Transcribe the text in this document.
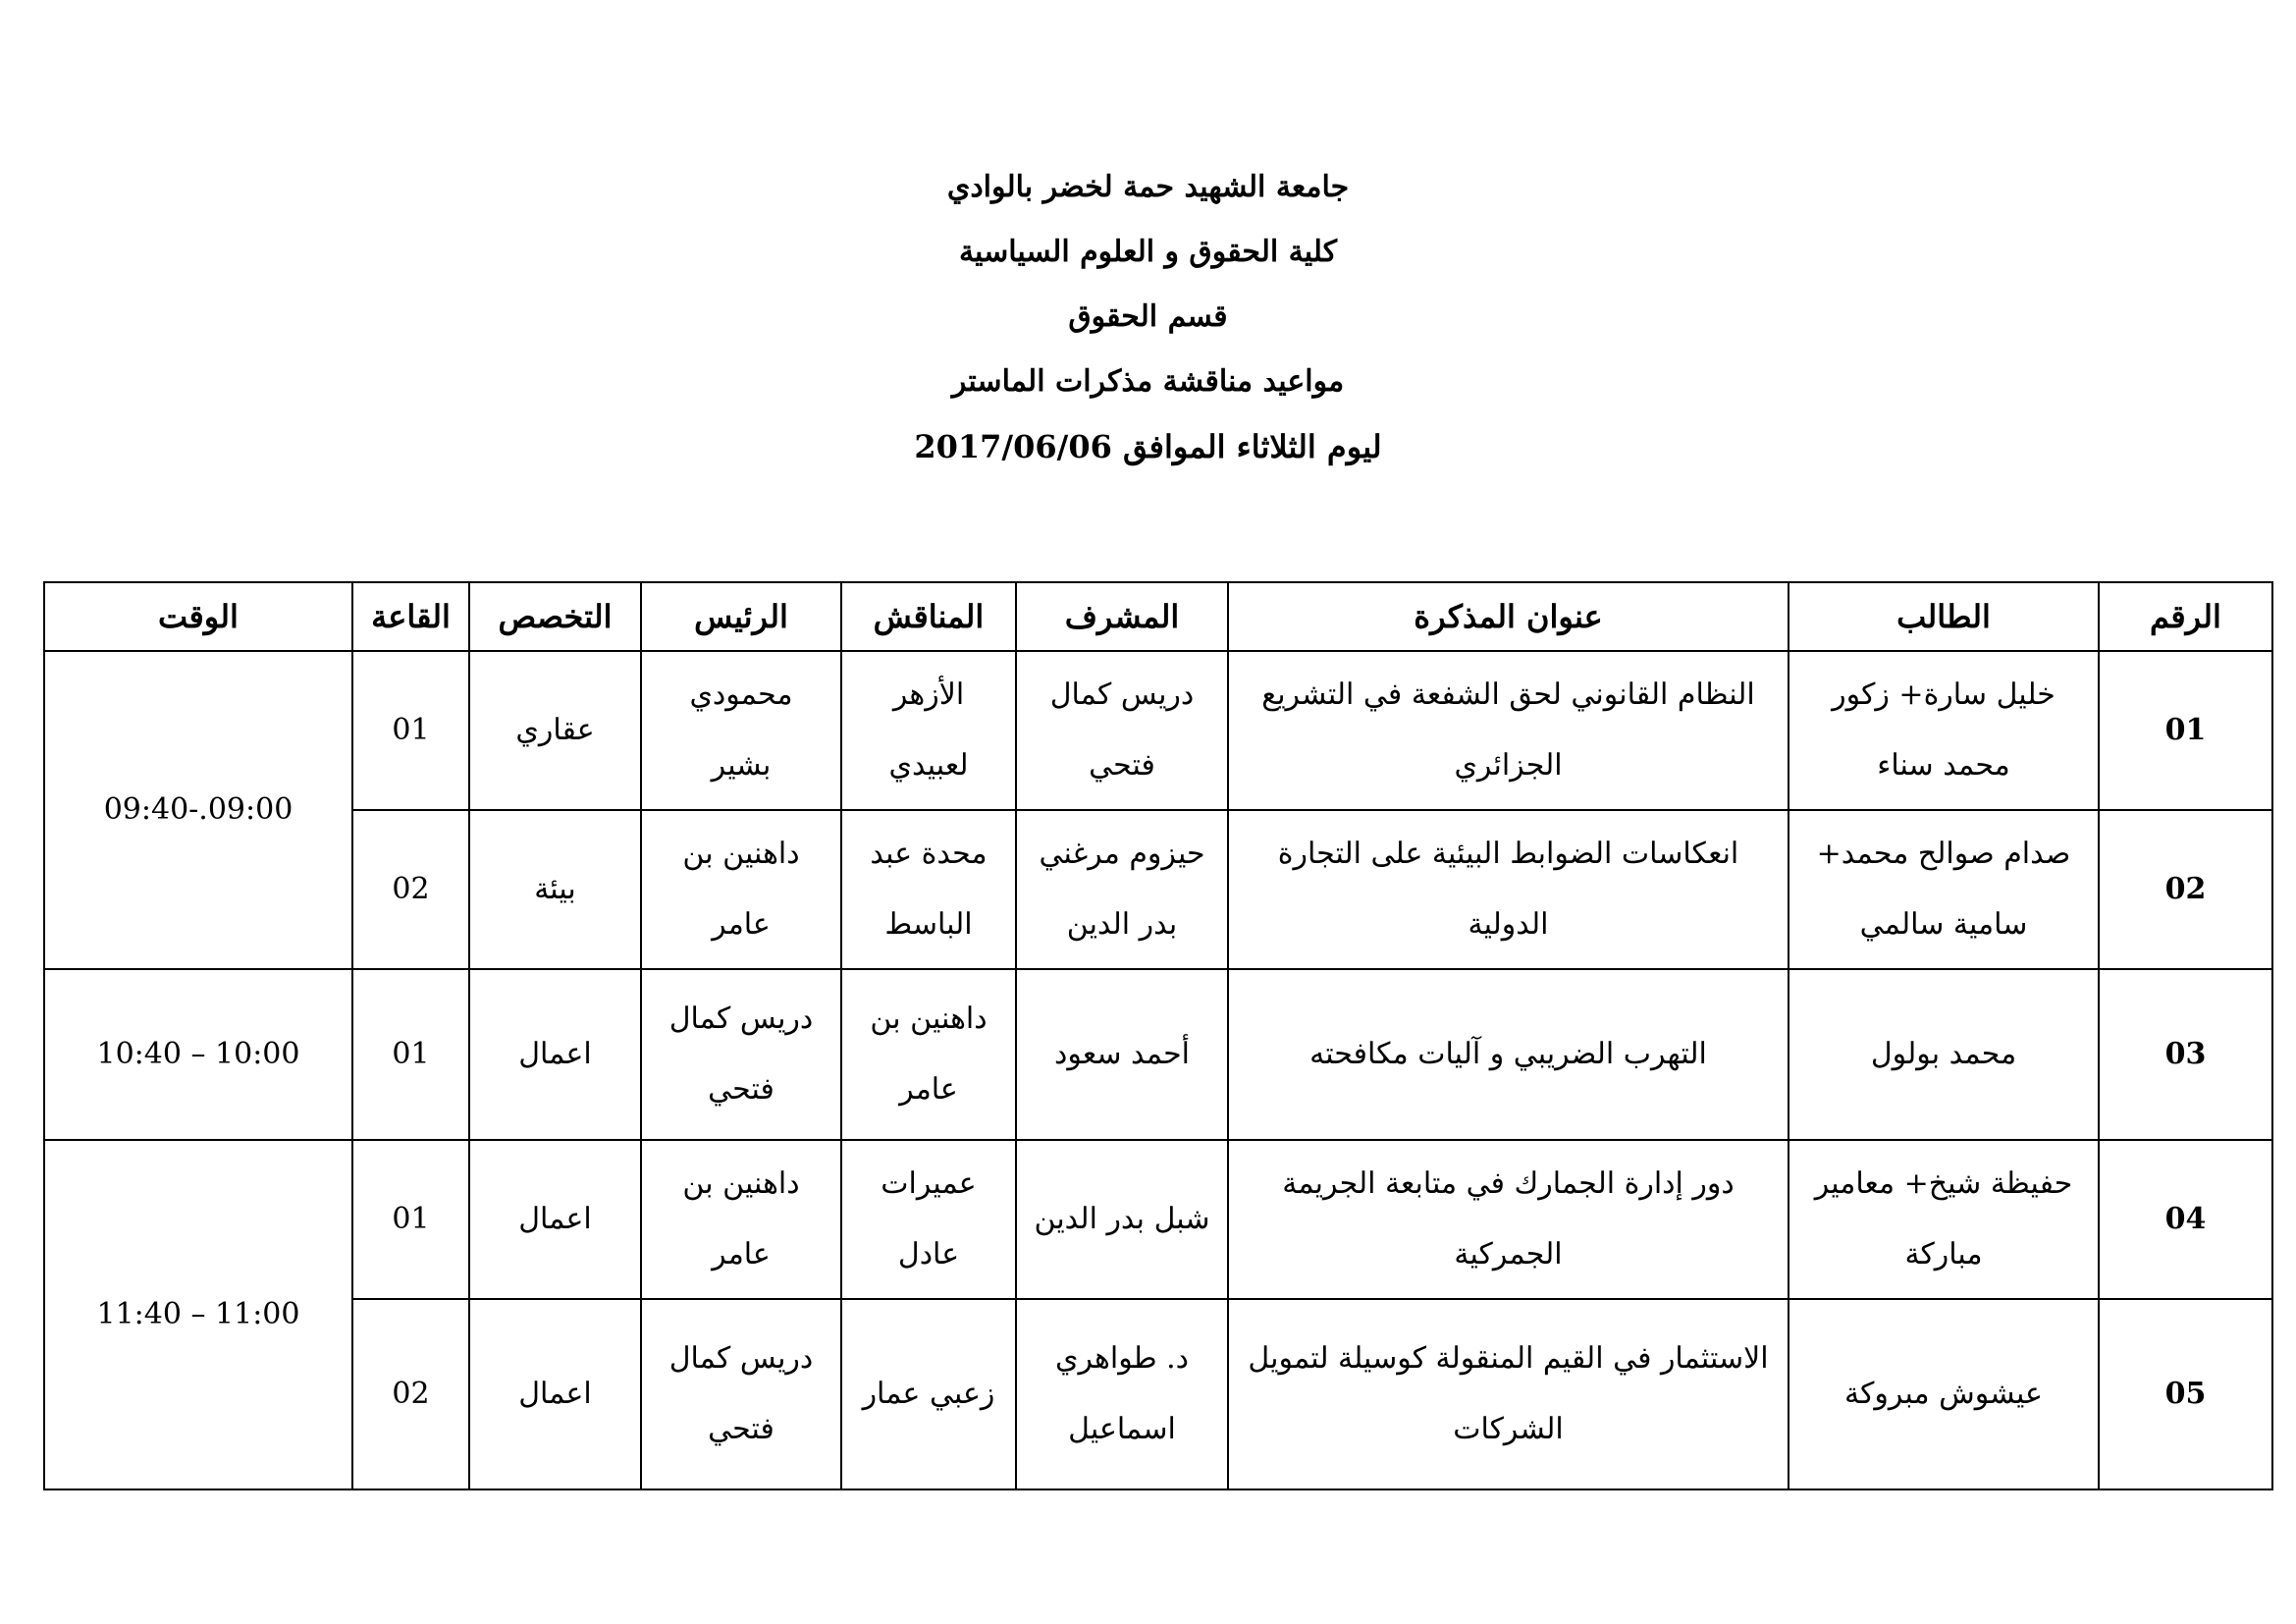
جامعة الشهيد حمة لخضر بالوادي
كلية الحقوق و العلوم السياسية
قسم الحقوق
مواعيد مناقشة مذكرات الماستر
ليوم الثلاثاء الموافق 2017/06/06
الرقم	الطالب	عنوان المذكرة	المشرف	المناقش	الرئيس	التخصص	القاعة	الوقت
01	خليل سارة+ زكور محمد سناء	النظام القانوني لحق الشفعة في التشريع الجزائري	دريس كمال فتحي	الأزهر لعبيدي	محمودي بشير	عقاري	01	09:40-.09:00
02	صدام صوالح محمد+ سامية سالمي	انعكاسات الضوابط البيئية على التجارة الدولية	حيزوم مرغني بدر الدين	محدة عبد الباسط	داهنين بن عامر	بيئة	02	
03	محمد بولول	التهرب الضريبي و آليات مكافحته	أحمد سعود	داهنين بن عامر	دريس كمال فتحي	اعمال	01	10:40 – 10:00
04	حفيظة شيخ+ معامير مباركة	دور إدارة الجمارك في متابعة الجريمة الجمركية	شبل بدر الدين	عميرات عادل	داهنين بن عامر	اعمال	01	11:40 – 11:00
05	عيشوش مبروكة	الاستثمار في القيم المنقولة كوسيلة لتمويل الشركات	د. طواهري اسماعيل	زعبي عمار	دريس كمال فتحي	اعمال	02	
